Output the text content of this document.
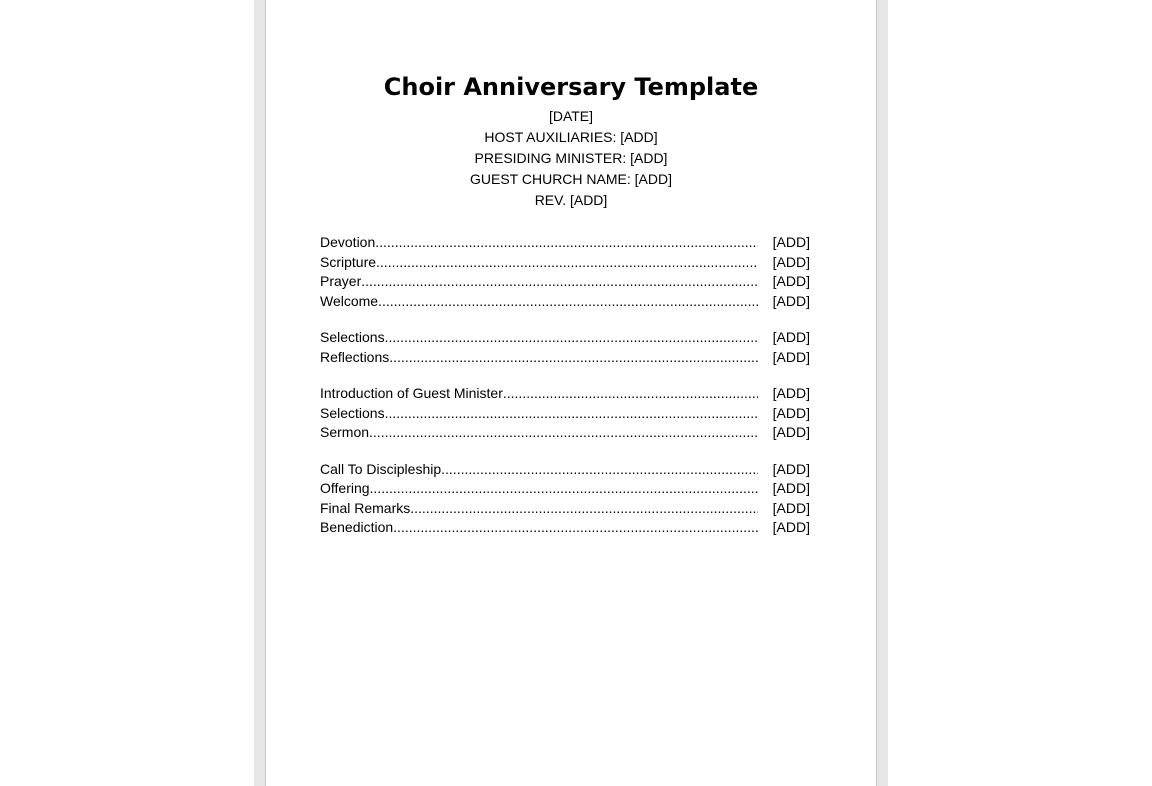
Choir Anniversary Template
[DATE]
HOST AUXILIARIES: [ADD]
PRESIDING MINISTER: [ADD]
GUEST CHURCH NAME: [ADD]
REV. [ADD]
Devotion .....	[ADD]
Scripture .....	[ADD]
Prayer .....	[ADD]
Welcome .....	[ADD]
Selections .....	[ADD]
Reflections .....	[ADD]
Introduction of Guest Minister .....	[ADD]
Selections .....	[ADD]
Sermon .....	[ADD]
Call To Discipleship .....	[ADD]
Offering .....	[ADD]
Final Remarks .....	[ADD]
Benediction .....	[ADD]
